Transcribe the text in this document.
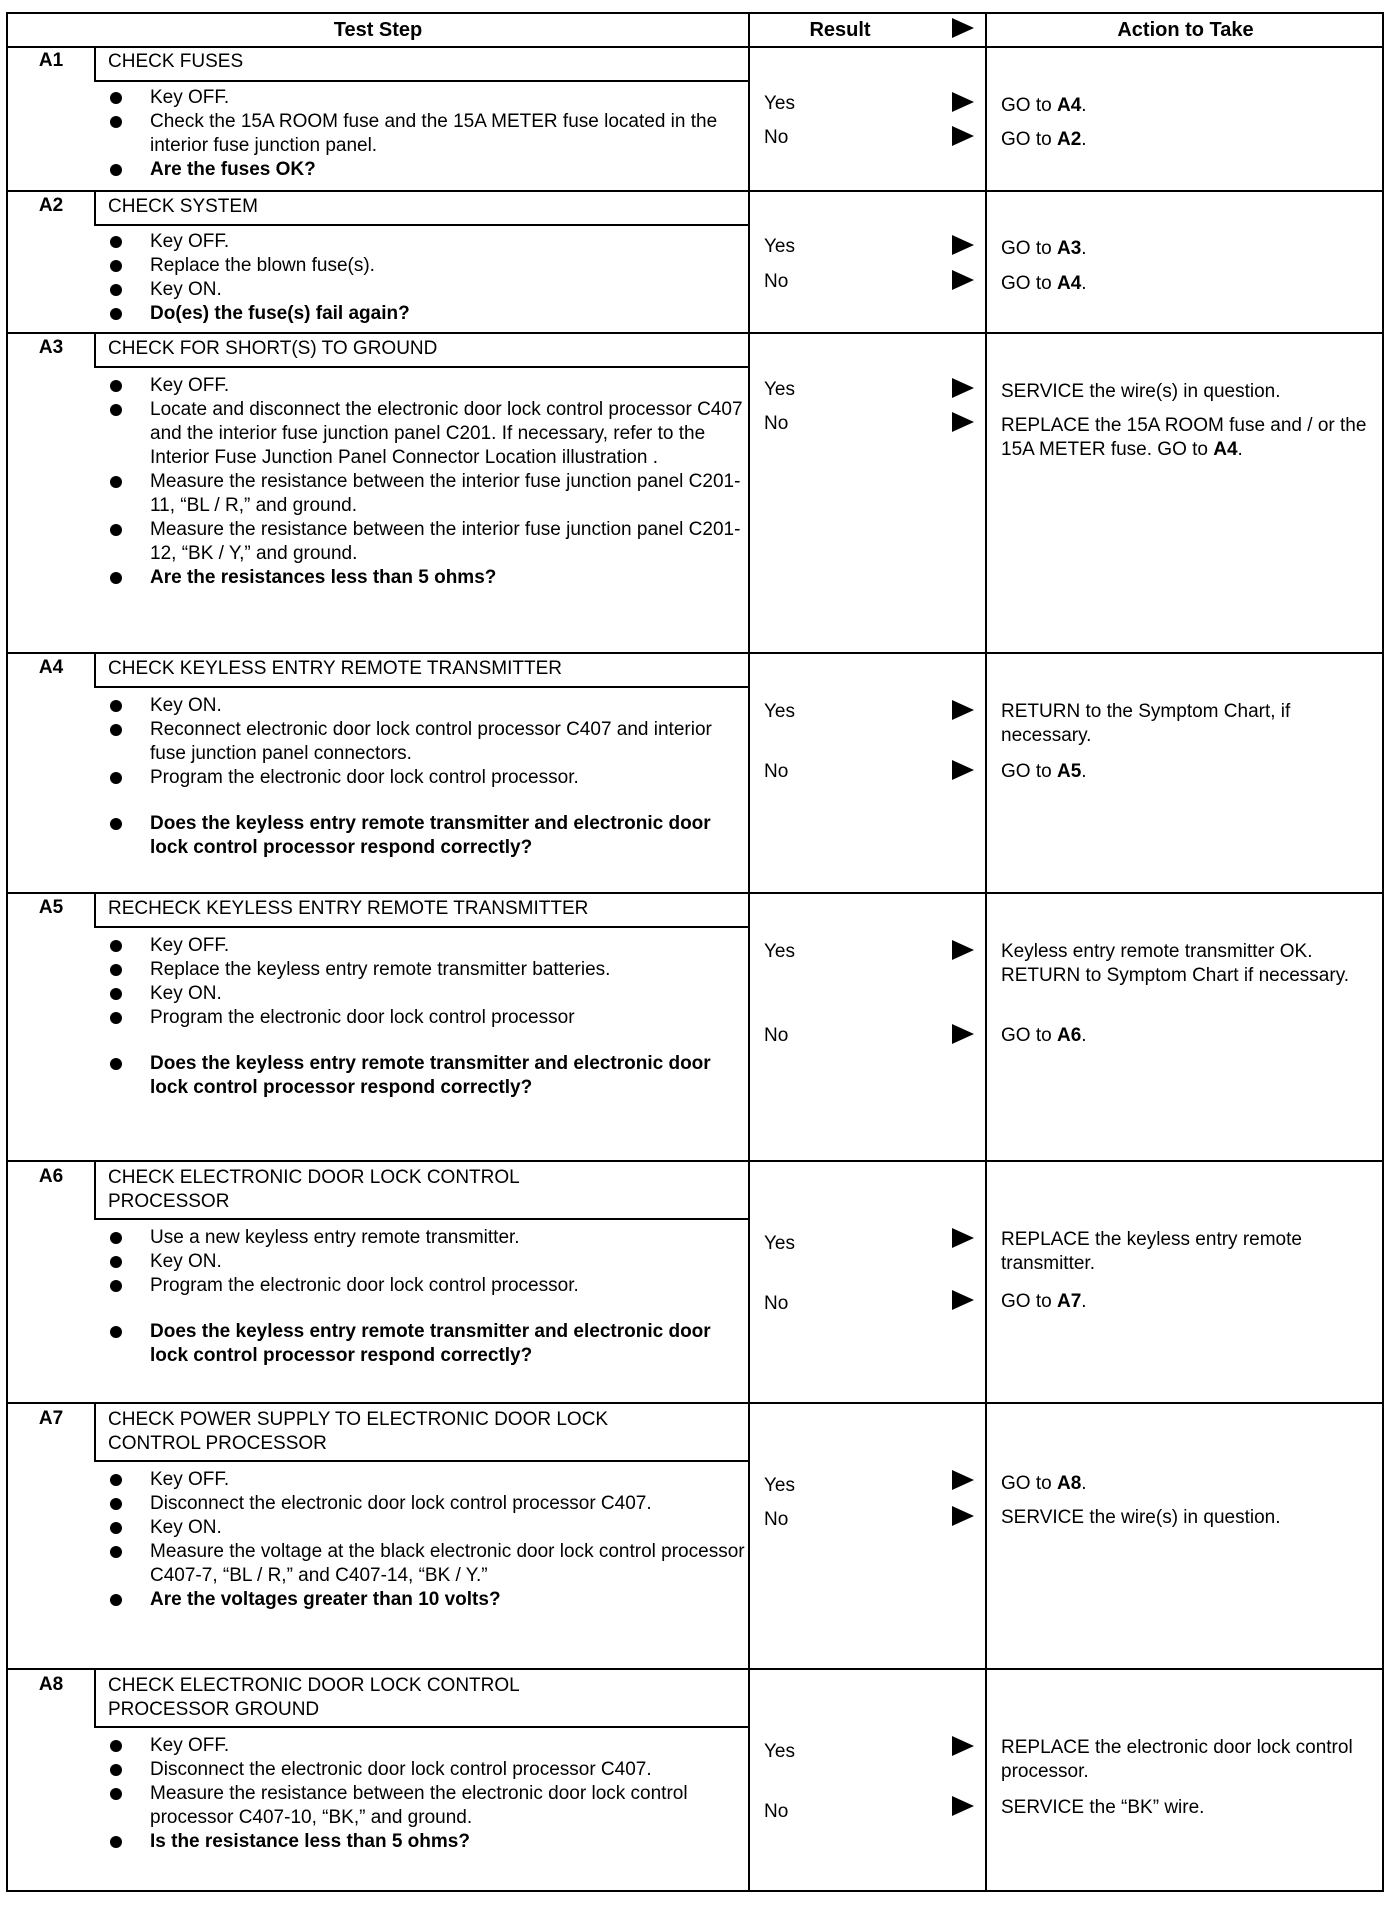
Test Step	Result	Action to Take
A1	CHECK FUSES
Key OFF.
Check the 15A ROOM fuse and the 15A METER fuse located in the interior fuse junction panel.
Are the fuses OK?
Yes	GO to A4.
No	GO to A2.
A2	CHECK SYSTEM
Key OFF.
Replace the blown fuse(s).
Key ON.
Do(es) the fuse(s) fail again?
Yes	GO to A3.
No	GO to A4.
A3	CHECK FOR SHORT(S) TO GROUND
Key OFF.
Locate and disconnect the electronic door lock control processor C407 and the interior fuse junction panel C201. If necessary, refer to the Interior Fuse Junction Panel Connector Location illustration .
Measure the resistance between the interior fuse junction panel C201-11, “BL / R,” and ground.
Measure the resistance between the interior fuse junction panel C201-12, “BK / Y,” and ground.
Are the resistances less than 5 ohms?
Yes	SERVICE the wire(s) in question.
No	REPLACE the 15A ROOM fuse and / or the 15A METER fuse. GO to A4.
A4	CHECK KEYLESS ENTRY REMOTE TRANSMITTER
Key ON.
Reconnect electronic door lock control processor C407 and interior fuse junction panel connectors.
Program the electronic door lock control processor.
Does the keyless entry remote transmitter and electronic door lock control processor respond correctly?
Yes	RETURN to the Symptom Chart, if necessary.
No	GO to A5.
A5	RECHECK KEYLESS ENTRY REMOTE TRANSMITTER
Key OFF.
Replace the keyless entry remote transmitter batteries.
Key ON.
Program the electronic door lock control processor
Does the keyless entry remote transmitter and electronic door lock control processor respond correctly?
Yes	Keyless entry remote transmitter OK. RETURN to Symptom Chart if necessary.
No	GO to A6.
A6	CHECK ELECTRONIC DOOR LOCK CONTROL PROCESSOR
Use a new keyless entry remote transmitter.
Key ON.
Program the electronic door lock control processor.
Does the keyless entry remote transmitter and electronic door lock control processor respond correctly?
Yes	REPLACE the keyless entry remote transmitter.
No	GO to A7.
A7	CHECK POWER SUPPLY TO ELECTRONIC DOOR LOCK CONTROL PROCESSOR
Key OFF.
Disconnect the electronic door lock control processor C407.
Key ON.
Measure the voltage at the black electronic door lock control processor C407-7, “BL / R,” and C407-14, “BK / Y.”
Are the voltages greater than 10 volts?
Yes	GO to A8.
No	SERVICE the wire(s) in question.
A8	CHECK ELECTRONIC DOOR LOCK CONTROL PROCESSOR GROUND
Key OFF.
Disconnect the electronic door lock control processor C407.
Measure the resistance between the electronic door lock control processor C407-10, “BK,” and ground.
Is the resistance less than 5 ohms?
Yes	REPLACE the electronic door lock control processor.
No	SERVICE the “BK” wire.
